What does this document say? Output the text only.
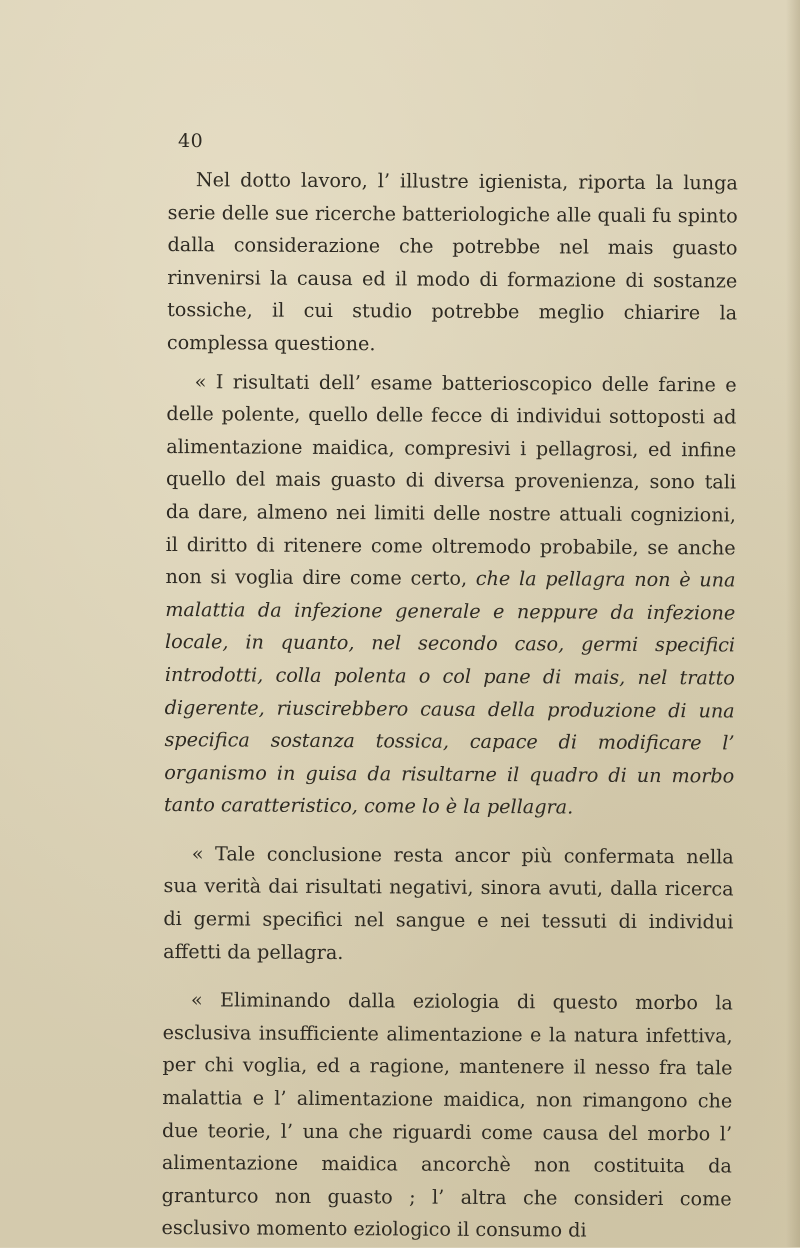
40

Nel dotto lavoro, l’ illustre igienista, riporta la lunga serie delle sue ricerche batteriologiche alle quali fu spinto dalla considerazione che potrebbe nel mais guasto rinvenirsi la causa ed il modo di formazione di sostanze tossiche, il cui studio potrebbe meglio chiarire la complessa questione.

« I risultati dell’ esame batterioscopico delle farine e delle polente, quello delle fecce di individui sottoposti ad alimentazione maidica, compresivi i pellagrosi, ed infine quello del mais guasto di diversa provenienza, sono tali da dare, almeno nei limiti delle nostre attuali cognizioni, il diritto di ritenere come oltremodo probabile, se anche non si voglia dire come certo, che la pellagra non è una malattia da infezione generale e neppure da infezione locale, in quanto, nel secondo caso, germi specifici introdotti, colla polenta o col pane di mais, nel tratto digerente, riuscirebbero causa della produzione di una specifica sostanza tossica, capace di modificare l’ organismo in guisa da risultarne il quadro di un morbo tanto caratteristico, come lo è la pellagra.

« Tale conclusione resta ancor più confermata nella sua verità dai risultati negativi, sinora avuti, dalla ricerca di germi specifici nel sangue e nei tessuti di individui affetti da pellagra.

« Eliminando dalla eziologia di questo morbo la esclusiva insufficiente alimentazione e la natura infettiva, per chi voglia, ed a ragione, mantenere il nesso fra tale malattia e l’ alimentazione maidica, non rimangono che due teorie, l’ una che riguardi come causa del morbo l’ alimentazione maidica ancorchè non costituita da granturco non guasto ; l’ altra che consideri come esclusivo momento eziologico il consumo di
